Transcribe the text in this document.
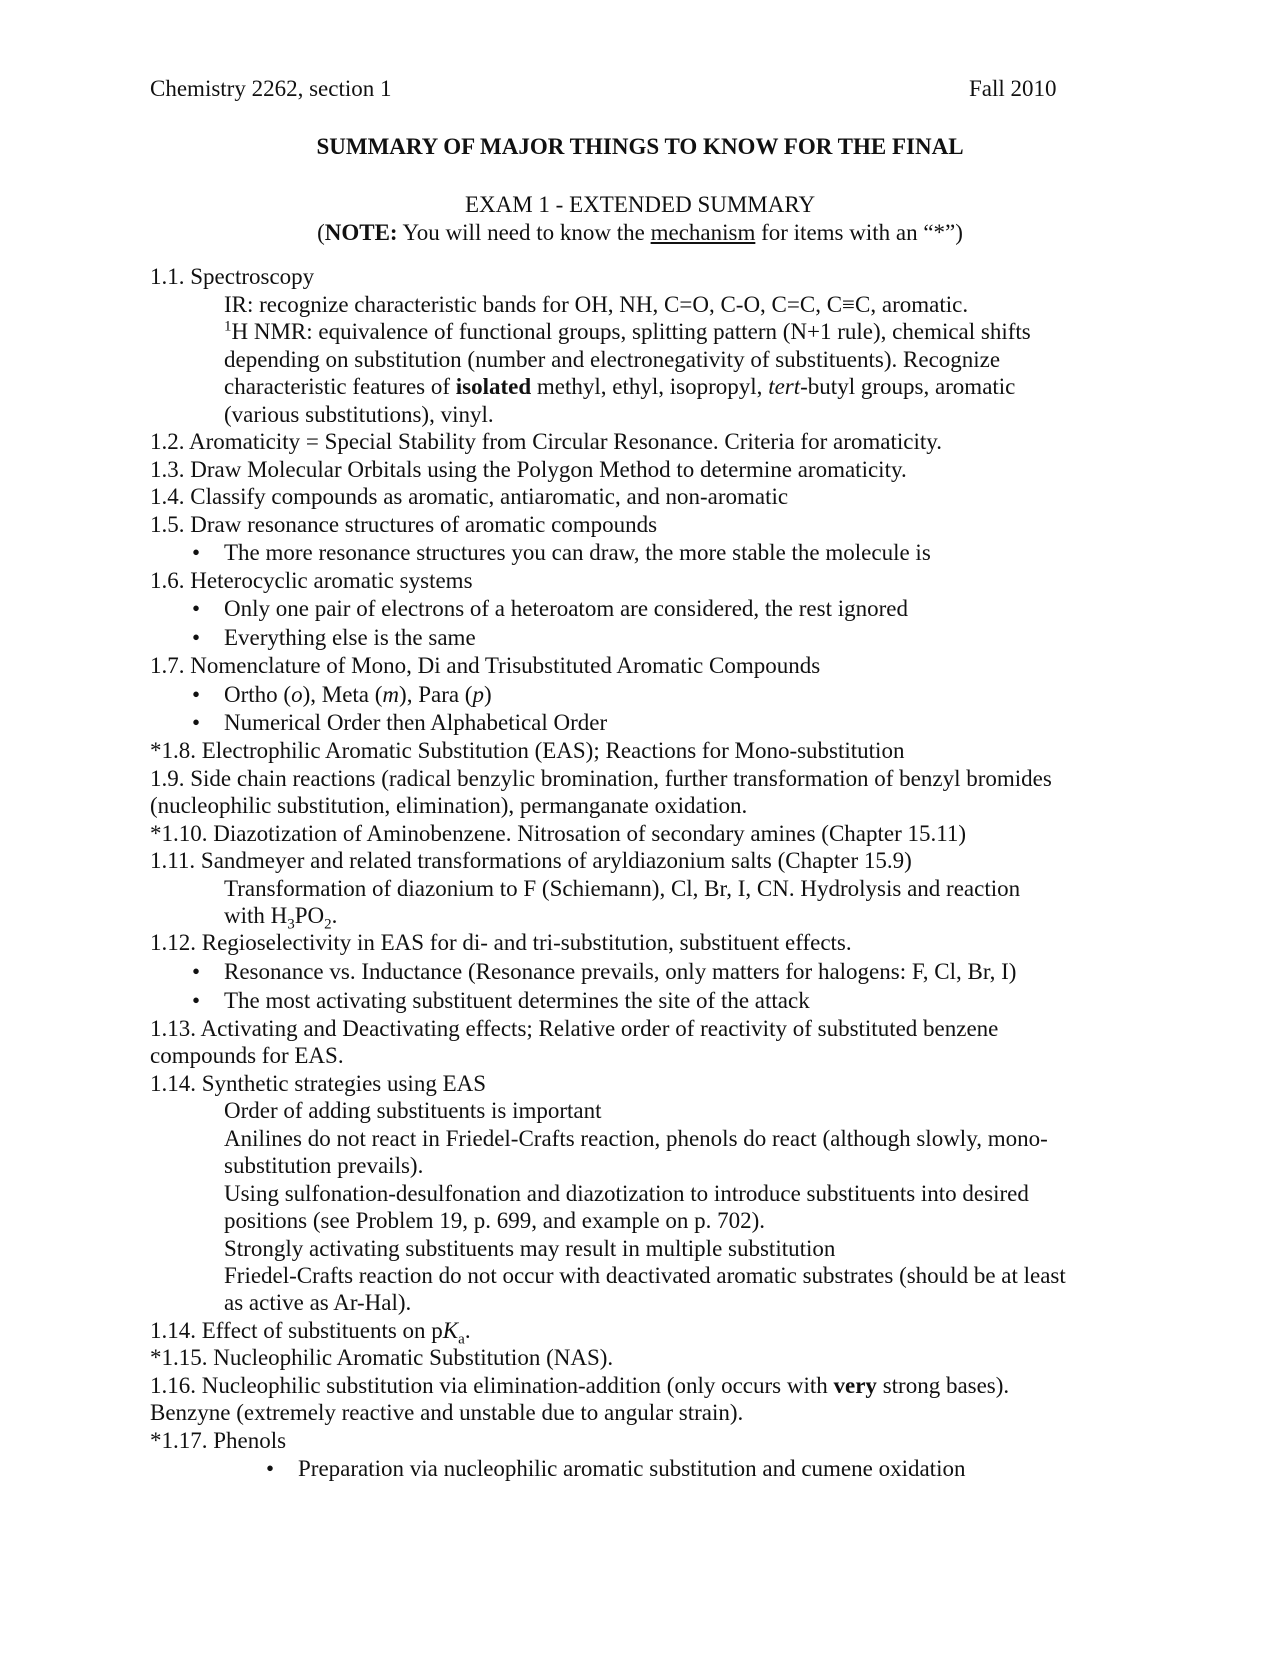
Chemistry 2262, section 1	Fall 2010
SUMMARY OF MAJOR THINGS TO KNOW FOR THE FINAL
EXAM 1 - EXTENDED SUMMARY
(NOTE: You will need to know the mechanism for items with an “*”)
1.1. Spectroscopy
IR: recognize characteristic bands for OH, NH, C=O, C-O, C=C, C≡C, aromatic.
$^1$H NMR: equivalence of functional groups, splitting pattern (N+1 rule), chemical shifts
depending on substitution (number and electronegativity of substituents). Recognize
characteristic features of isolated methyl, ethyl, isopropyl, tert-butyl groups, aromatic
(various substitutions), vinyl.
1.2. Aromaticity = Special Stability from Circular Resonance. Criteria for aromaticity.
1.3. Draw Molecular Orbitals using the Polygon Method to determine aromaticity.
1.4. Classify compounds as aromatic, antiaromatic, and non-aromatic
1.5. Draw resonance structures of aromatic compounds
• The more resonance structures you can draw, the more stable the molecule is
1.6. Heterocyclic aromatic systems
• Only one pair of electrons of a heteroatom are considered, the rest ignored
• Everything else is the same
1.7. Nomenclature of Mono, Di and Trisubstituted Aromatic Compounds
• Ortho (o), Meta (m), Para (p)
• Numerical Order then Alphabetical Order
*1.8. Electrophilic Aromatic Substitution (EAS); Reactions for Mono-substitution
1.9. Side chain reactions (radical benzylic bromination, further transformation of benzyl bromides
(nucleophilic substitution, elimination), permanganate oxidation.
*1.10. Diazotization of Aminobenzene. Nitrosation of secondary amines (Chapter 15.11)
1.11. Sandmeyer and related transformations of aryldiazonium salts (Chapter 15.9)
Transformation of diazonium to F (Schiemann), Cl, Br, I, CN. Hydrolysis and reaction
with $H_3PO_2$.
1.12. Regioselectivity in EAS for di- and tri-substitution, substituent effects.
• Resonance vs. Inductance (Resonance prevails, only matters for halogens: F, Cl, Br, I)
• The most activating substituent determines the site of the attack
1.13. Activating and Deactivating effects; Relative order of reactivity of substituted benzene
compounds for EAS.
1.14. Synthetic strategies using EAS
Order of adding substituents is important
Anilines do not react in Friedel-Crafts reaction, phenols do react (although slowly, mono-
substitution prevails).
Using sulfonation-desulfonation and diazotization to introduce substituents into desired
positions (see Problem 19, p. 699, and example on p. 702).
Strongly activating substituents may result in multiple substitution
Friedel-Crafts reaction do not occur with deactivated aromatic substrates (should be at least
as active as Ar-Hal).
1.14. Effect of substituents on $pK_a$.
*1.15. Nucleophilic Aromatic Substitution (NAS).
1.16. Nucleophilic substitution via elimination-addition (only occurs with very strong bases).
Benzyne (extremely reactive and unstable due to angular strain).
*1.17. Phenols
• Preparation via nucleophilic aromatic substitution and cumene oxidation
